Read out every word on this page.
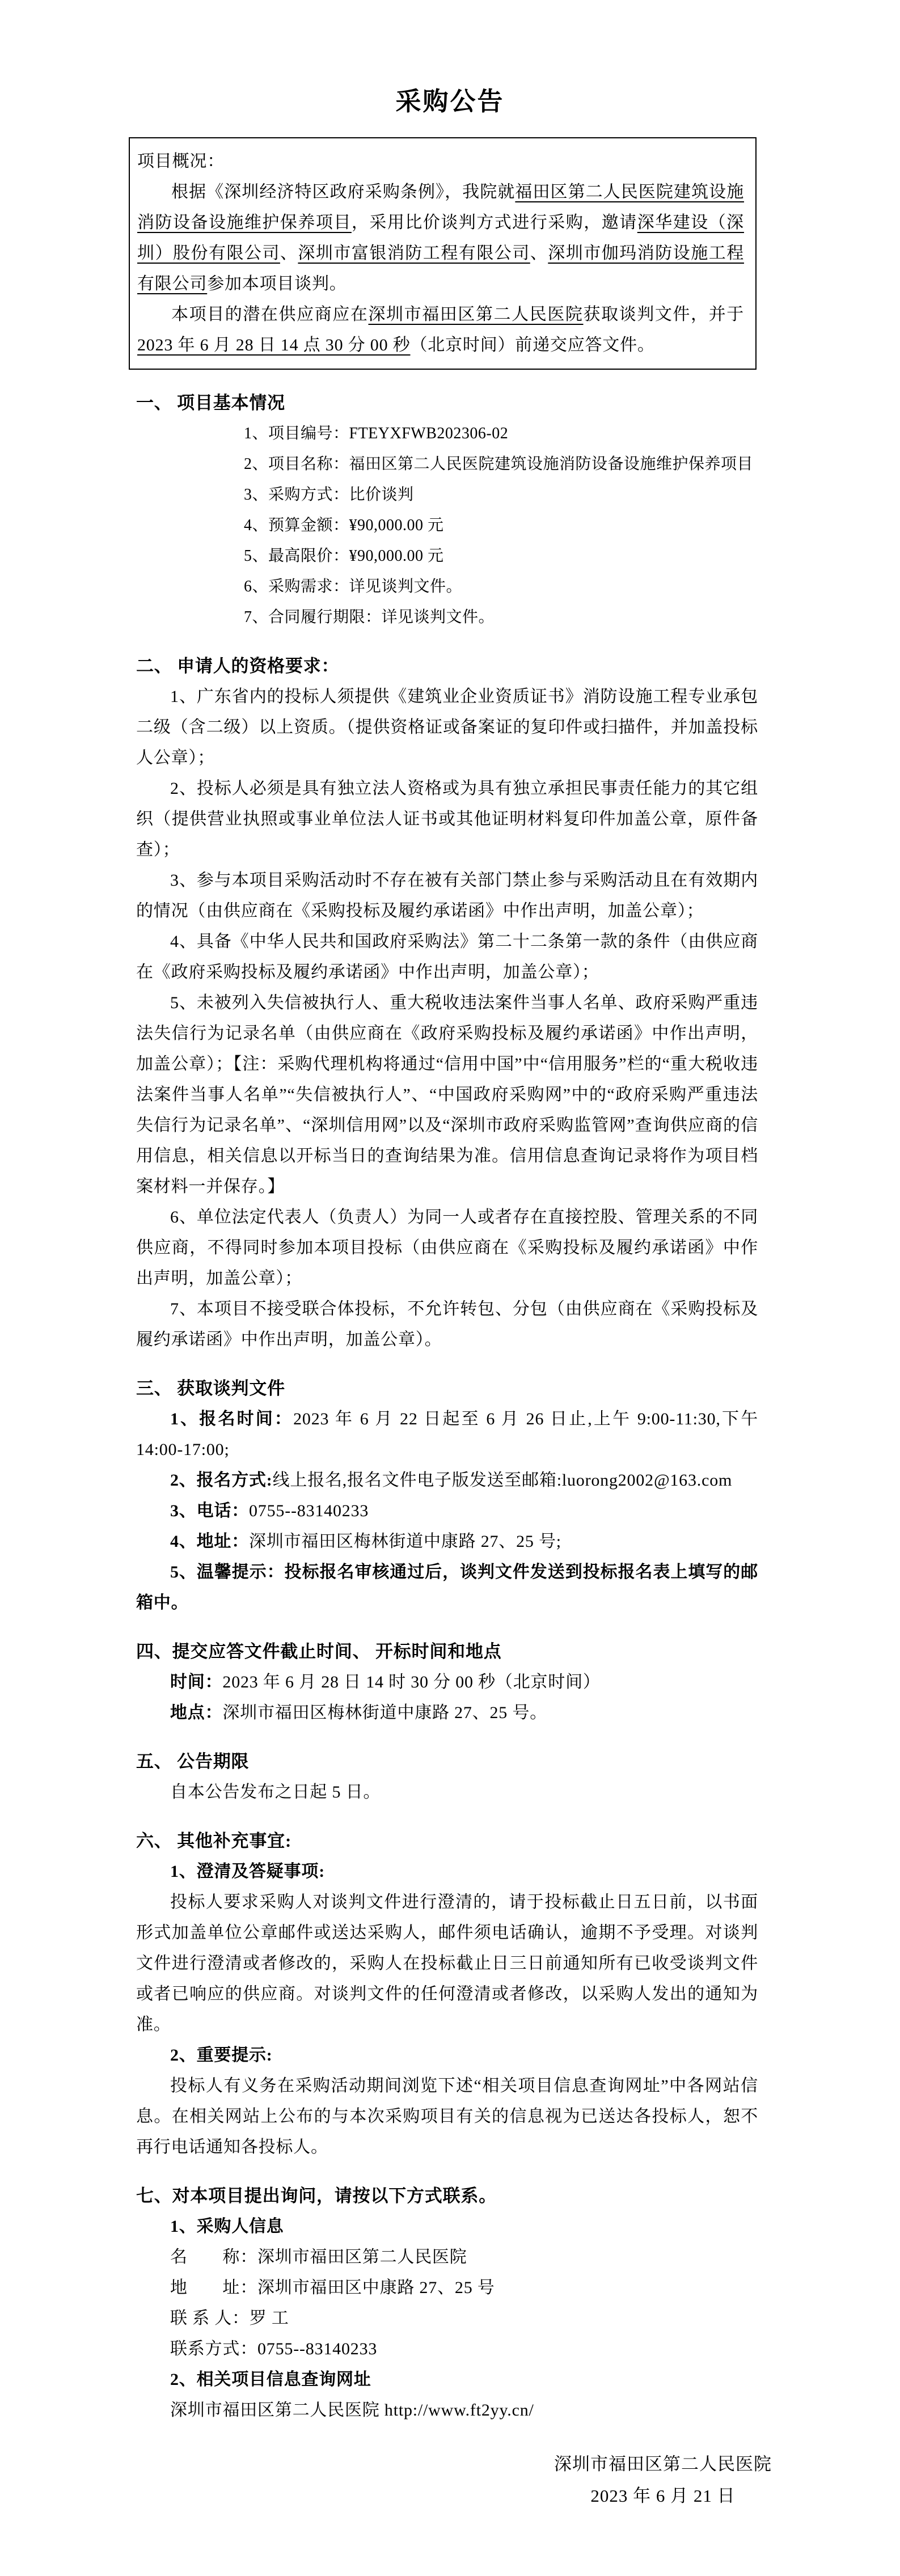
采购公告

项目概况：

根据《深圳经济特区政府采购条例》，我院就福田区第二人民医院建筑设施消防设备设施维护保养项目，采用比价谈判方式进行采购，邀请深华建设（深圳）股份有限公司、深圳市富银消防工程有限公司、深圳市伽玛消防设施工程有限公司参加本项目谈判。

本项目的潜在供应商应在深圳市福田区第二人民医院获取谈判文件，并于2023 年 6 月 28 日 14 点 30 分 00 秒（北京时间）前递交应答文件。

一、 项目基本情况

1、项目编号：FTEYXFWB202306-02

2、项目名称：福田区第二人民医院建筑设施消防设备设施维护保养项目

3、采购方式：比价谈判

4、预算金额：¥90,000.00 元

5、最高限价：¥90,000.00 元

6、采购需求：详见谈判文件。

7、合同履行期限：详见谈判文件。

二、 申请人的资格要求：

1、广东省内的投标人须提供《建筑业企业资质证书》消防设施工程专业承包二级（含二级）以上资质。（提供资格证或备案证的复印件或扫描件，并加盖投标人公章）；

2、投标人必须是具有独立法人资格或为具有独立承担民事责任能力的其它组织（提供营业执照或事业单位法人证书或其他证明材料复印件加盖公章，原件备查）；

3、参与本项目采购活动时不存在被有关部门禁止参与采购活动且在有效期内的情况（由供应商在《采购投标及履约承诺函》中作出声明，加盖公章）；

4、具备《中华人民共和国政府采购法》第二十二条第一款的条件（由供应商在《政府采购投标及履约承诺函》中作出声明，加盖公章）；

5、未被列入失信被执行人、重大税收违法案件当事人名单、政府采购严重违法失信行为记录名单（由供应商在《政府采购投标及履约承诺函》中作出声明，加盖公章）；【注：采购代理机构将通过“信用中国”中“信用服务”栏的“重大税收违法案件当事人名单”“失信被执行人”、“中国政府采购网”中的“政府采购严重违法失信行为记录名单”、“深圳信用网”以及“深圳市政府采购监管网”查询供应商的信用信息，相关信息以开标当日的查询结果为准。信用信息查询记录将作为项目档案材料一并保存。】

6、单位法定代表人（负责人）为同一人或者存在直接控股、管理关系的不同供应商，不得同时参加本项目投标（由供应商在《采购投标及履约承诺函》中作出声明，加盖公章）；

7、本项目不接受联合体投标，不允许转包、分包（由供应商在《采购投标及履约承诺函》中作出声明，加盖公章）。

三、 获取谈判文件

1、报名时间：2023 年 6 月 22 日起至 6 月 26 日止,上午 9:00-11:30,下午 14:00-17:00;

2、报名方式:线上报名,报名文件电子版发送至邮箱:luorong2002@163.com

3、电话：0755--83140233

4、地址：深圳市福田区梅林街道中康路 27、25 号;

5、温馨提示：投标报名审核通过后，谈判文件发送到投标报名表上填写的邮箱中。

四、提交应答文件截止时间、 开标时间和地点

时间：2023 年 6 月 28 日 14 时 30 分 00 秒（北京时间）

地点：深圳市福田区梅林街道中康路 27、25 号。

五、 公告期限

自本公告发布之日起 5 日。

六、 其他补充事宜:

1、澄清及答疑事项:

投标人要求采购人对谈判文件进行澄清的，请于投标截止日五日前，以书面形式加盖单位公章邮件或送达采购人，邮件须电话确认，逾期不予受理。对谈判文件进行澄清或者修改的，采购人在投标截止日三日前通知所有已收受谈判文件或者已响应的供应商。对谈判文件的任何澄清或者修改，以采购人发出的通知为准。

2、重要提示:

投标人有义务在采购活动期间浏览下述“相关项目信息查询网址”中各网站信息。在相关网站上公布的与本次采购项目有关的信息视为已送达各投标人，恕不再行电话通知各投标人。

七、对本项目提出询问，请按以下方式联系。

1、采购人信息

名　　称：深圳市福田区第二人民医院

地　　址：深圳市福田区中康路 27、25 号

联 系 人：罗 工

联系方式：0755--83140233

2、相关项目信息查询网址

深圳市福田区第二人民医院 http://www.ft2yy.cn/

深圳市福田区第二人民医院
2023 年 6 月 21 日
